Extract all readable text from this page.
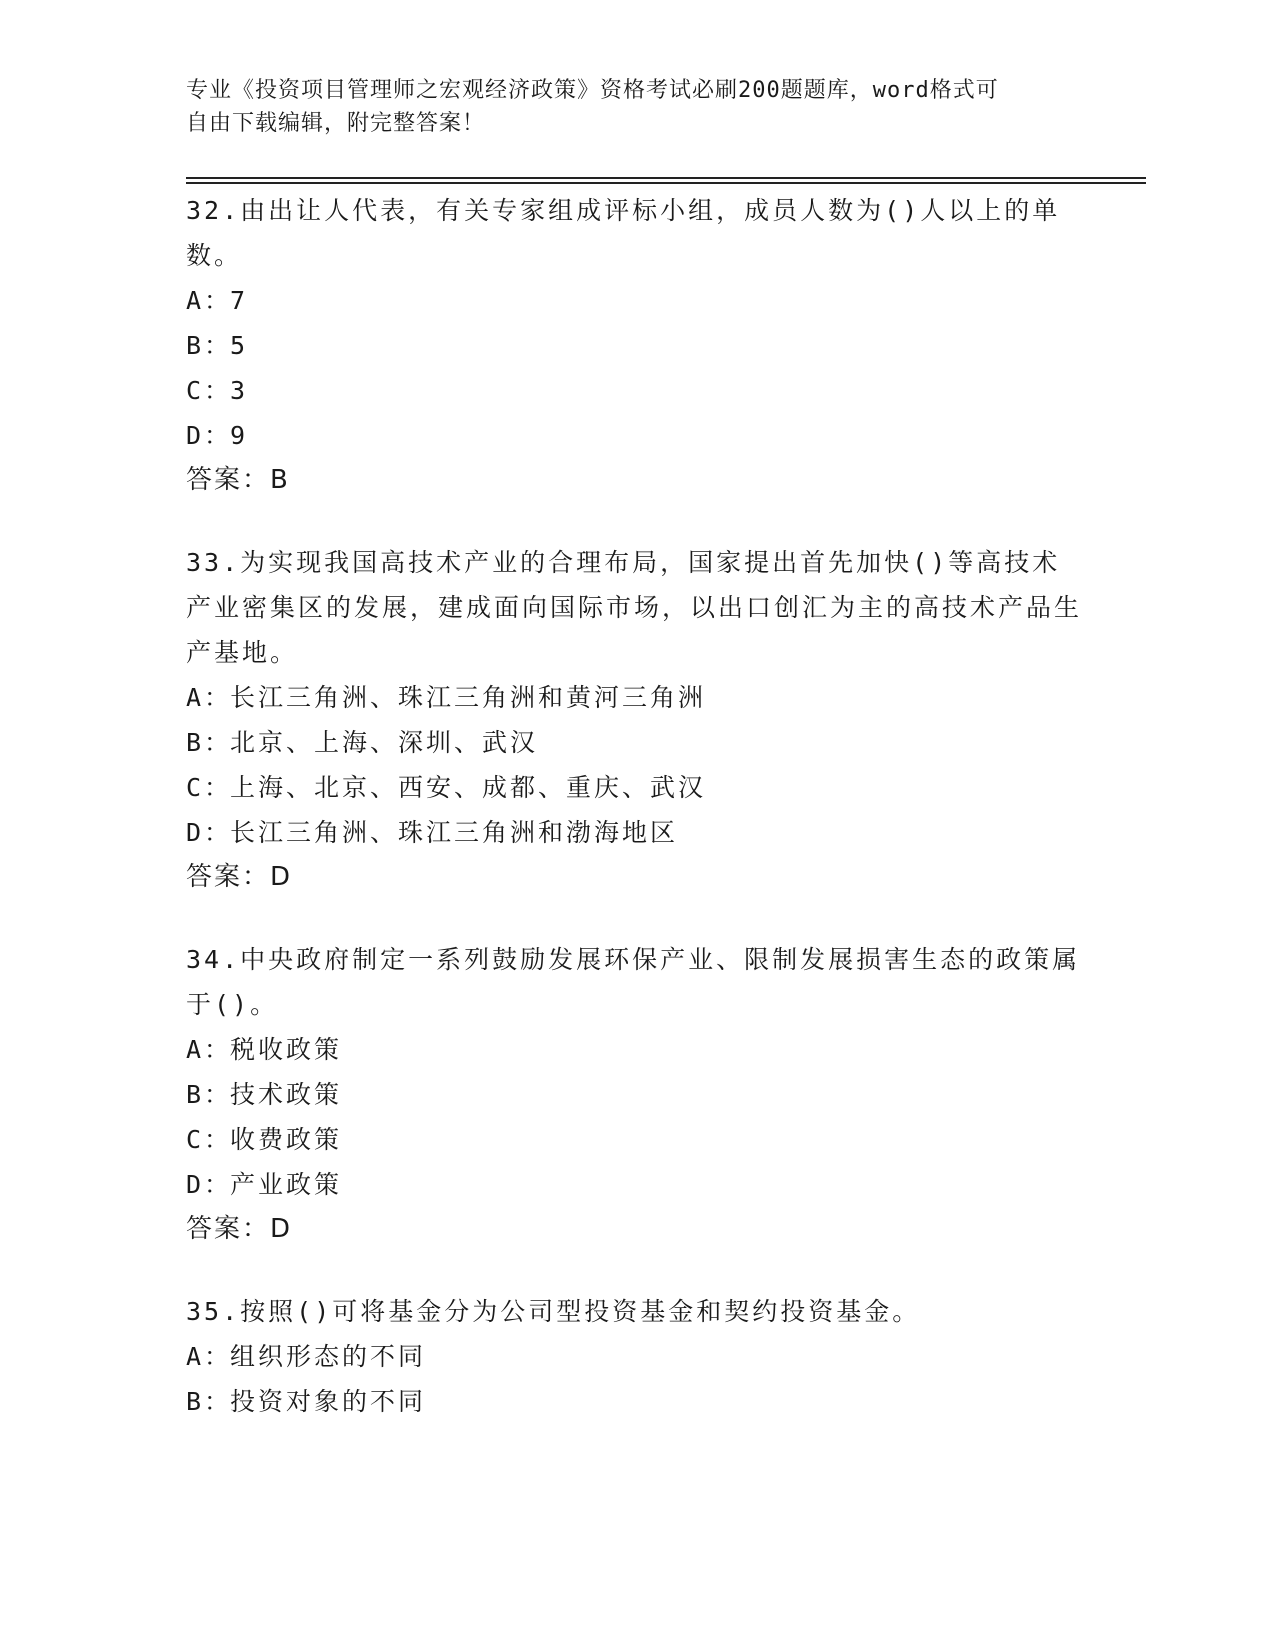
专业《投资项目管理师之宏观经济政策》资格考试必刷200题题库，word格式可
自由下载编辑，附完整答案！

32.由出让人代表，有关专家组成评标小组，成员人数为()人以上的单数。

A：7

B：5

C：3

D：9

答案：B

33.为实现我国高技术产业的合理布局，国家提出首先加快()等高技术产业密集区的发展，建成面向国际市场，以出口创汇为主的高技术产品生产基地。

A：长江三角洲、珠江三角洲和黄河三角洲

B：北京、上海、深圳、武汉

C：上海、北京、西安、成都、重庆、武汉

D：长江三角洲、珠江三角洲和渤海地区

答案：D

34.中央政府制定一系列鼓励发展环保产业、限制发展损害生态的政策属于()。

A：税收政策

B：技术政策

C：收费政策

D：产业政策

答案：D

35.按照()可将基金分为公司型投资基金和契约投资基金。

A：组织形态的不同

B：投资对象的不同
